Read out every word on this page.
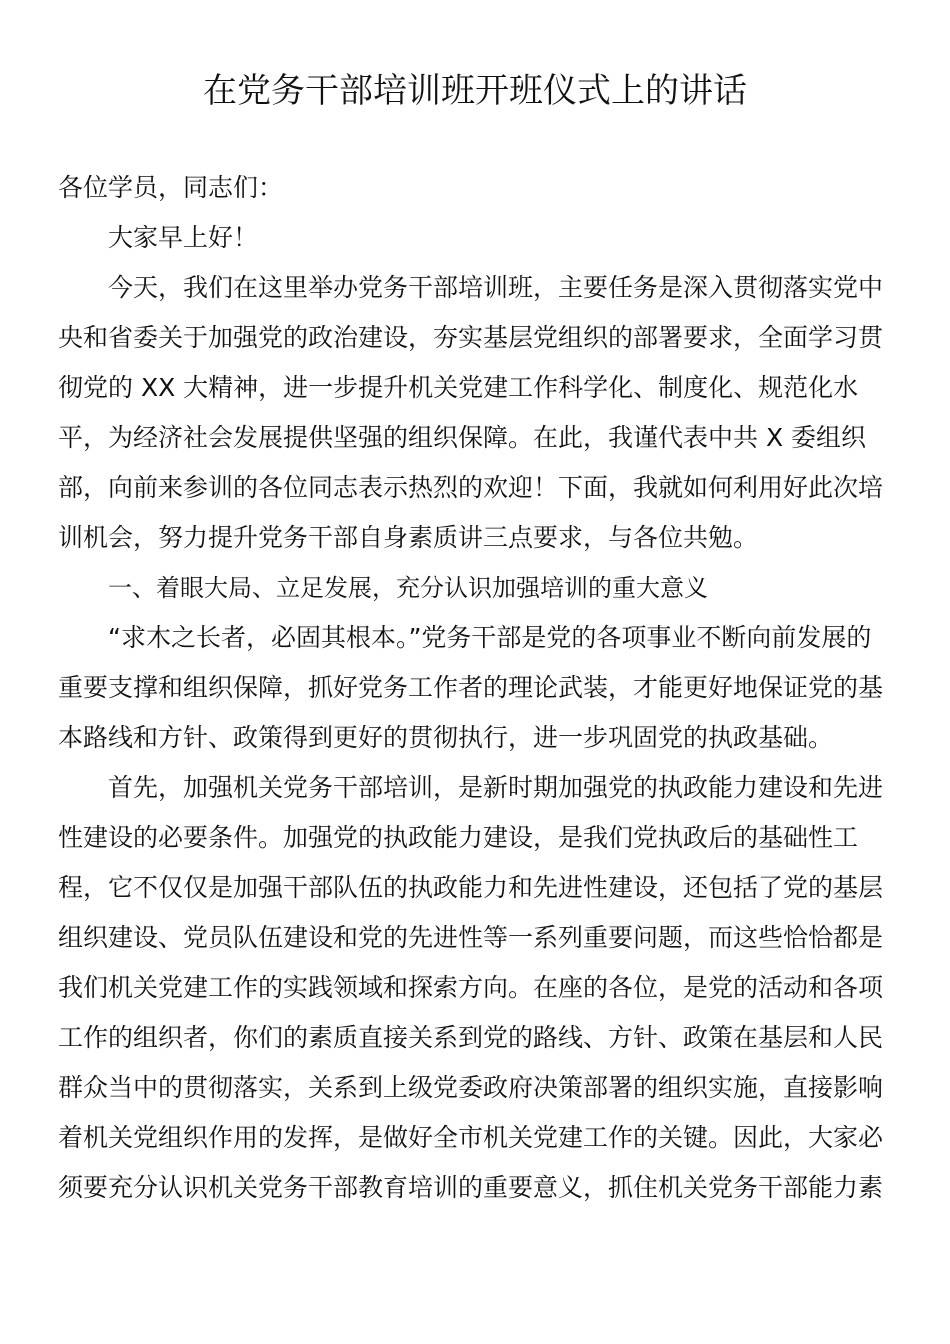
在党务干部培训班开班仪式上的讲话

各位学员，同志们：

大家早上好！

今天，我们在这里举办党务干部培训班，主要任务是深入贯彻落实党中

央和省委关于加强党的政治建设，夯实基层党组织的部署要求，全面学习贯

彻党的 XX 大精神，进一步提升机关党建工作科学化、制度化、规范化水

平，为经济社会发展提供坚强的组织保障。在此，我谨代表中共 X 委组织

部，向前来参训的各位同志表示热烈的欢迎！下面，我就如何利用好此次培

训机会，努力提升党务干部自身素质讲三点要求，与各位共勉。

一、着眼大局、立足发展，充分认识加强培训的重大意义

“求木之长者，必固其根本。”党务干部是党的各项事业不断向前发展的

重要支撑和组织保障，抓好党务工作者的理论武装，才能更好地保证党的基

本路线和方针、政策得到更好的贯彻执行，进一步巩固党的执政基础。

首先，加强机关党务干部培训，是新时期加强党的执政能力建设和先进

性建设的必要条件。加强党的执政能力建设，是我们党执政后的基础性工

程，它不仅仅是加强干部队伍的执政能力和先进性建设，还包括了党的基层

组织建设、党员队伍建设和党的先进性等一系列重要问题，而这些恰恰都是

我们机关党建工作的实践领域和探索方向。在座的各位，是党的活动和各项

工作的组织者，你们的素质直接关系到党的路线、方针、政策在基层和人民

群众当中的贯彻落实，关系到上级党委政府决策部署的组织实施，直接影响

着机关党组织作用的发挥，是做好全市机关党建工作的关键。因此，大家必

须要充分认识机关党务干部教育培训的重要意义，抓住机关党务干部能力素
